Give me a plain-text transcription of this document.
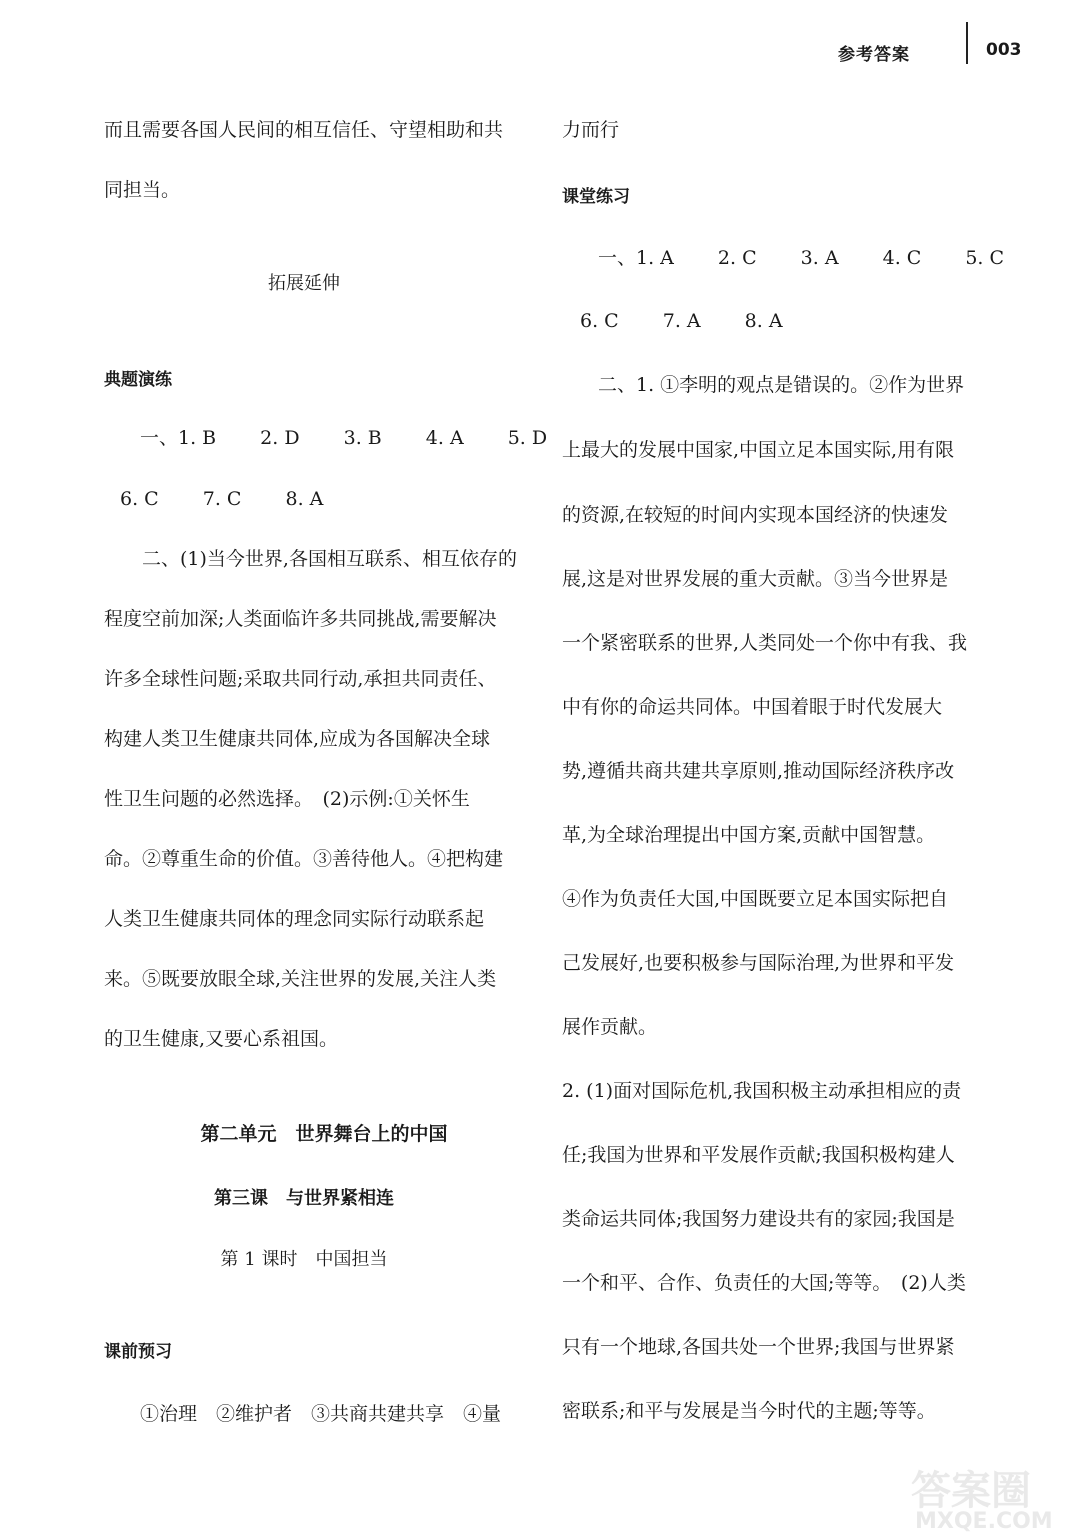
参考答案	003
而且需要各国人民间的相互信任、守望相助和共
同担当。
拓展延伸
典题演练
一、1. B　　 2. D　　 3. B　　 4. A　　 5. D
6. C　　 7. C　　 8. A
二、(1)当今世界,各国相互联系、相互依存的
程度空前加深;人类面临许多共同挑战,需要解决
许多全球性问题;采取共同行动,承担共同责任、
构建人类卫生健康共同体,应成为各国解决全球
性卫生问题的必然选择。　(2)示例:①关怀生
命。②尊重生命的价值。③善待他人。④把构建
人类卫生健康共同体的理念同实际行动联系起
来。⑤既要放眼全球,关注世界的发展,关注人类
的卫生健康,又要心系祖国。
第二单元　世界舞台上的中国
第三课　与世界紧相连
第 1 课时　中国担当
课前预习
①治理　②维护者　③共商共建共享　④量
力而行
课堂练习
一、1. A　　 2. C　　 3. A　　 4. C　　 5. C
6. C　　 7. A　　 8. A
二、1. ①李明的观点是错误的。②作为世界
上最大的发展中国家,中国立足本国实际,用有限
的资源,在较短的时间内实现本国经济的快速发
展,这是对世界发展的重大贡献。③当今世界是
一个紧密联系的世界,人类同处一个你中有我、我
中有你的命运共同体。中国着眼于时代发展大
势,遵循共商共建共享原则,推动国际经济秩序改
革,为全球治理提出中国方案,贡献中国智慧。
④作为负责任大国,中国既要立足本国实际把自
己发展好,也要积极参与国际治理,为世界和平发
展作贡献。
2. (1)面对国际危机,我国积极主动承担相应的责
任;我国为世界和平发展作贡献;我国积极构建人
类命运共同体;我国努力建设共有的家园;我国是
一个和平、合作、负责任的大国;等等。　(2)人类
只有一个地球,各国共处一个世界;我国与世界紧
密联系;和平与发展是当今时代的主题;等等。
答案圈
MXQE.COM
